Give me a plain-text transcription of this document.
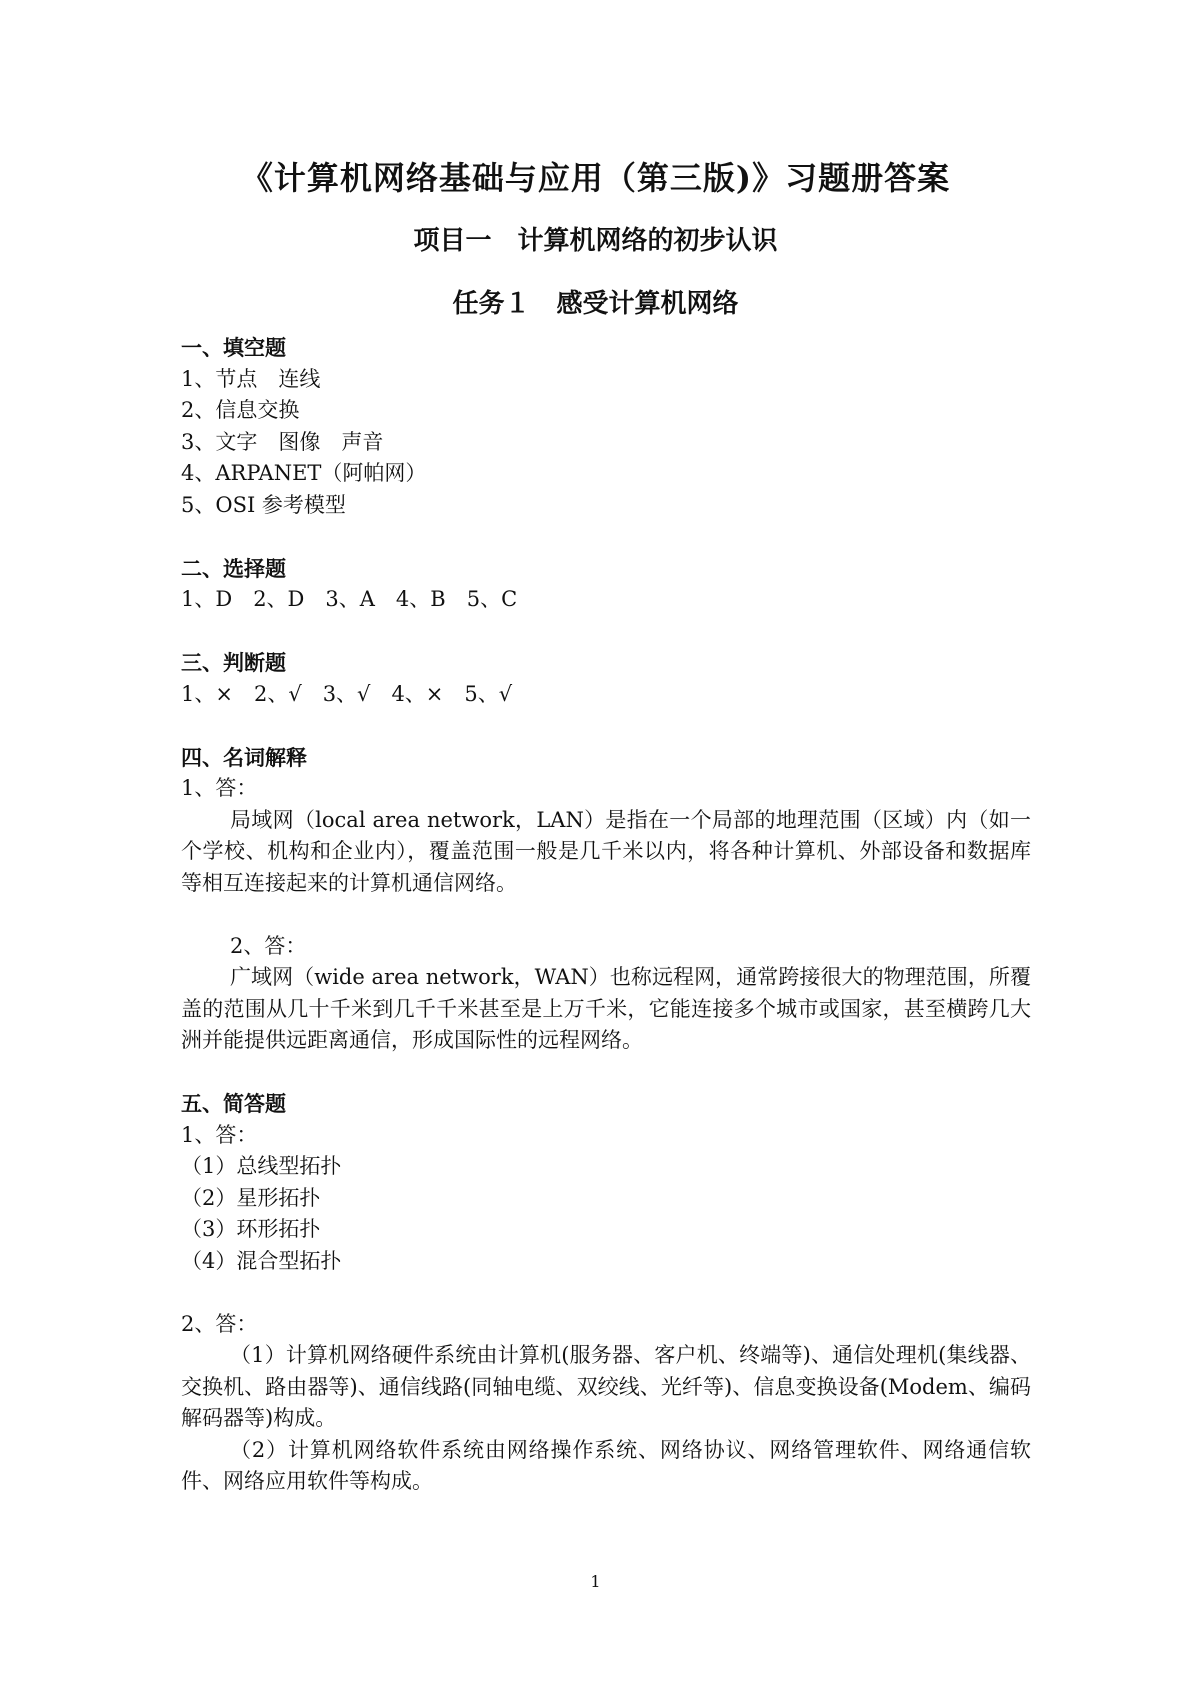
《计算机网络基础与应用（第三版)》习题册答案
项目一　计算机网络的初步认识
任务１　感受计算机网络

一、填空题

1、节点　连线

2、信息交换

3、文字　图像　声音

4、ARPANET（阿帕网）

5、OSI 参考模型

二、选择题

1、D　2、D　3、A　4、B　5、C

三、判断题

1、×　2、√　3、√　4、×　5、√

四、名词解释

1、答：

局域网（local area network，LAN）是指在一个局部的地理范围（区域）内（如一个学校、机构和企业内），覆盖范围一般是几千米以内，将各种计算机、外部设备和数据库等相互连接起来的计算机通信网络。

2、答：

广域网（wide area network，WAN）也称远程网，通常跨接很大的物理范围，所覆盖的范围从几十千米到几千千米甚至是上万千米，它能连接多个城市或国家，甚至横跨几大洲并能提供远距离通信，形成国际性的远程网络。

五、简答题

1、答：

（1）总线型拓扑

（2）星形拓扑

（3）环形拓扑

（4）混合型拓扑

2、答：

（1）计算机网络硬件系统由计算机(服务器、客户机、终端等)、通信处理机(集线器、交换机、路由器等)、通信线路(同轴电缆、双绞线、光纤等)、信息变换设备(Modem、编码解码器等)构成。

（2）计算机网络软件系统由网络操作系统、网络协议、网络管理软件、网络通信软件、网络应用软件等构成。

1
